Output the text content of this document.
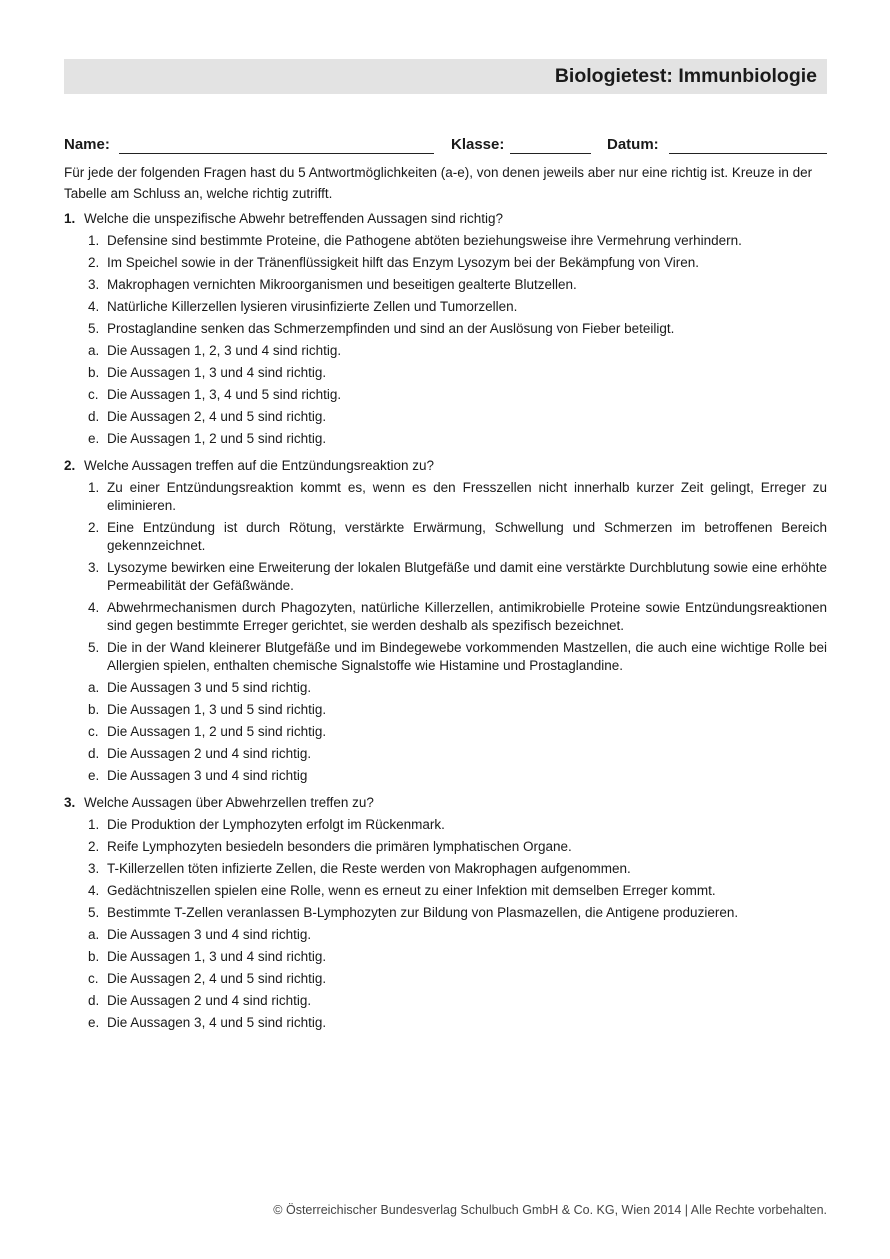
Biologietest: Immunbiologie
Name:	Klasse:	Datum:
Für jede der folgenden Fragen hast du 5 Antwortmöglichkeiten (a-e), von denen jeweils aber nur eine richtig ist. Kreuze in der Tabelle am Schluss an, welche richtig zutrifft.
1. Welche die unspezifische Abwehr betreffenden Aussagen sind richtig?
1. Defensine sind bestimmte Proteine, die Pathogene abtöten beziehungsweise ihre Vermehrung verhindern.
2. Im Speichel sowie in der Tränenflüssigkeit hilft das Enzym Lysozym bei der Bekämpfung von Viren.
3. Makrophagen vernichten Mikroorganismen und beseitigen gealterte Blutzellen.
4. Natürliche Killerzellen lysieren virusinfizierte Zellen und Tumorzellen.
5. Prostaglandine senken das Schmerzempfinden und sind an der Auslösung von Fieber beteiligt.
a. Die Aussagen 1, 2, 3 und 4 sind richtig.
b. Die Aussagen 1, 3 und 4 sind richtig.
c. Die Aussagen 1, 3, 4 und 5 sind richtig.
d. Die Aussagen 2, 4 und 5 sind richtig.
e. Die Aussagen 1, 2 und 5 sind richtig.
2. Welche Aussagen treffen auf die Entzündungsreaktion zu?
1. Zu einer Entzündungsreaktion kommt es, wenn es den Fresszellen nicht innerhalb kurzer Zeit gelingt, Erreger zu eliminieren.
2. Eine Entzündung ist durch Rötung, verstärkte Erwärmung, Schwellung und Schmerzen im betroffenen Bereich gekennzeichnet.
3. Lysozyme bewirken eine Erweiterung der lokalen Blutgefäße und damit eine verstärkte Durchblutung sowie eine erhöhte Permeabilität der Gefäßwände.
4. Abwehrmechanismen durch Phagozyten, natürliche Killerzellen, antimikrobielle Proteine sowie Entzündungsreaktionen sind gegen bestimmte Erreger gerichtet, sie werden deshalb als spezifisch bezeichnet.
5. Die in der Wand kleinerer Blutgefäße und im Bindegewebe vorkommenden Mastzellen, die auch eine wichtige Rolle bei Allergien spielen, enthalten chemische Signalstoffe wie Histamine und Prostaglandine.
a. Die Aussagen 3 und 5 sind richtig.
b. Die Aussagen 1, 3 und 5 sind richtig.
c. Die Aussagen 1, 2 und 5 sind richtig.
d. Die Aussagen 2 und 4 sind richtig.
e. Die Aussagen 3 und 4 sind richtig
3. Welche Aussagen über Abwehrzellen treffen zu?
1. Die Produktion der Lymphozyten erfolgt im Rückenmark.
2. Reife Lymphozyten besiedeln besonders die primären lymphatischen Organe.
3. T-Killerzellen töten infizierte Zellen, die Reste werden von Makrophagen aufgenommen.
4. Gedächtniszellen spielen eine Rolle, wenn es erneut zu einer Infektion mit demselben Erreger kommt.
5. Bestimmte T-Zellen veranlassen B-Lymphozyten zur Bildung von Plasmazellen, die Antigene produzieren.
a. Die Aussagen 3 und 4 sind richtig.
b. Die Aussagen 1, 3 und 4 sind richtig.
c. Die Aussagen 2, 4 und 5 sind richtig.
d. Die Aussagen 2 und 4 sind richtig.
e. Die Aussagen 3, 4 und 5 sind richtig.
© Österreichischer Bundesverlag Schulbuch GmbH & Co. KG, Wien 2014 | Alle Rechte vorbehalten.
